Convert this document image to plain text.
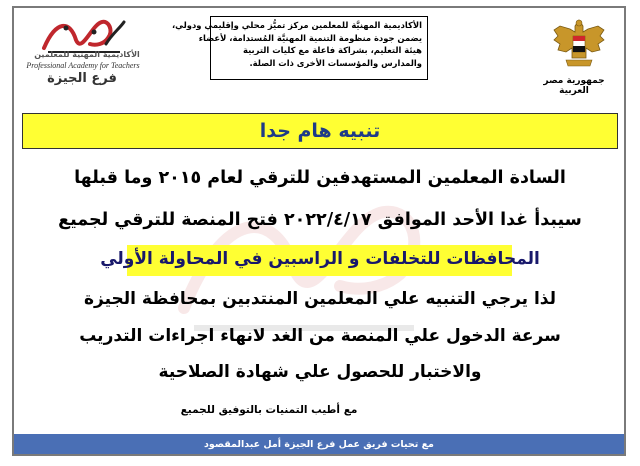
جمهورية مصر العربية
الأكاديمية المهنيَّة للمعلمين مركز تميُّز محلي وإقليمي ودولي،
يضمن جودة منظومة التنمية المهنيَّة المُستدامة، لأعضاء
هيئة التعليم، بشراكة فاعلة مع كليات التربية
والمدارس والمؤسسات الأخرى ذات الصلة.
الأكاديمية المهنية للمعلمين
Professional Academy for Teachers
فرع الجيزة
تنبيه هام جدا
السادة المعلمين المستهدفين للترقي لعام ٢٠١٥ وما قبلها
سيبدأ غدا الأحد الموافق ٢٠٢٢/٤/١٧ فتح المنصة للترقي لجميع
المحافظات للتخلفات و الراسبين في المحاولة الأولي
لذا يرجي التنبيه علي المعلمين المنتدبين بمحافظة الجيزة
سرعة الدخول علي المنصة من الغد لانهاء اجراءات التدريب
والاختبار للحصول علي شهادة الصلاحية
مع أطيب التمنيات بالتوفيق للجميع
مع تحيات فريق عمل فرع الجيزة أمل عبدالمقصود
